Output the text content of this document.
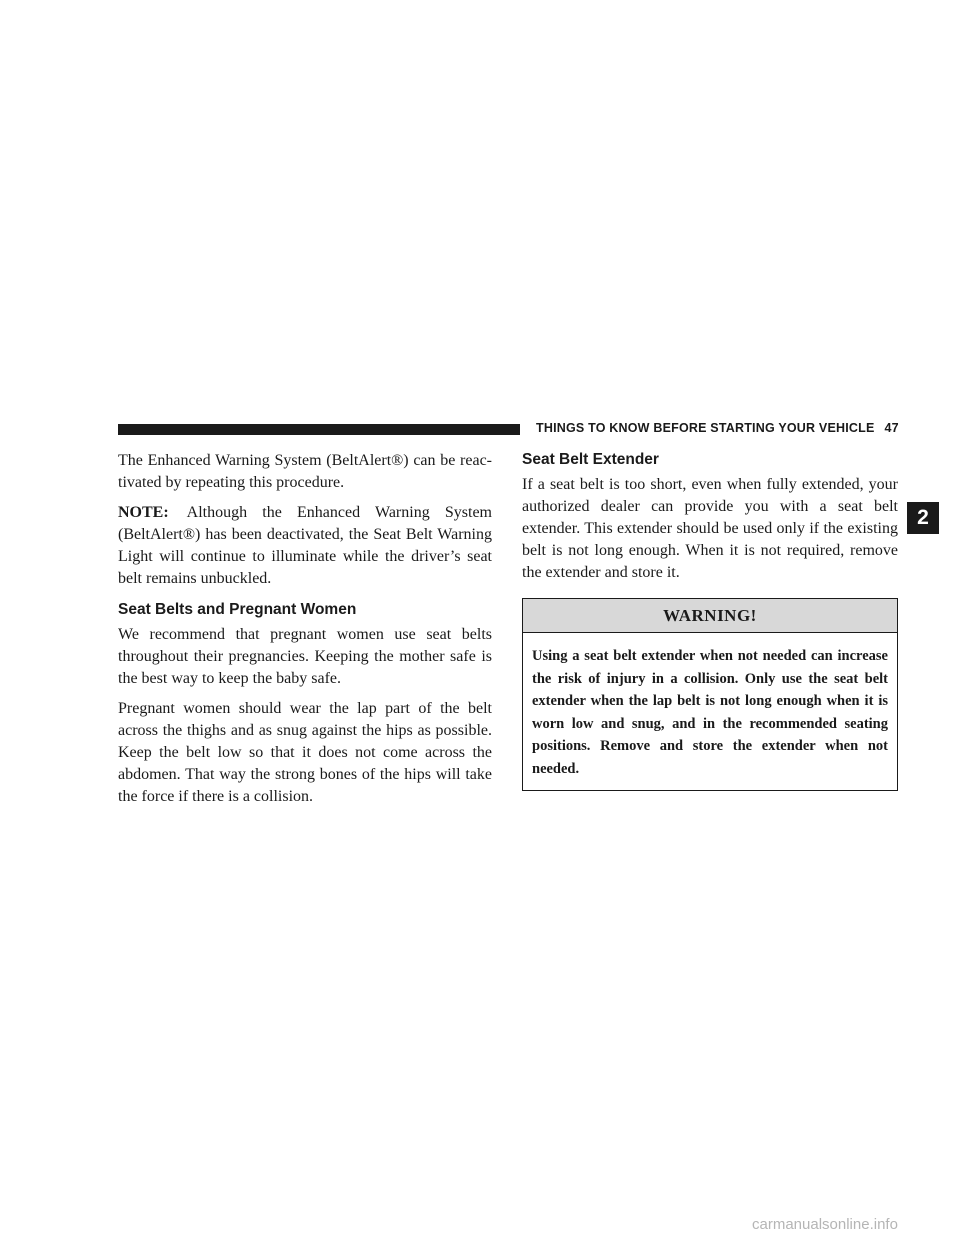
THINGS TO KNOW BEFORE STARTING YOUR VEHICLE 47

The Enhanced Warning System (BeltAlert®) can be reac- tivated by repeating this procedure.

NOTE: Although the Enhanced Warning System (BeltAlert®) has been deactivated, the Seat Belt Warning Light will continue to illuminate while the driver’s seat belt remains unbuckled.

Seat Belts and Pregnant Women

We recommend that pregnant women use seat belts throughout their pregnancies. Keeping the mother safe is the best way to keep the baby safe.

Pregnant women should wear the lap part of the belt across the thighs and as snug against the hips as possible. Keep the belt low so that it does not come across the abdomen. That way the strong bones of the hips will take the force if there is a collision.

Seat Belt Extender

If a seat belt is too short, even when fully extended, your authorized dealer can provide you with a seat belt extender. This extender should be used only if the existing belt is not long enough. When it is not required, remove the extender and store it.

WARNING!
Using a seat belt extender when not needed can increase the risk of injury in a collision. Only use the seat belt extender when the lap belt is not long enough when it is worn low and snug, and in the recommended seating positions. Remove and store the extender when not needed.
2
carmanualsonline.info
